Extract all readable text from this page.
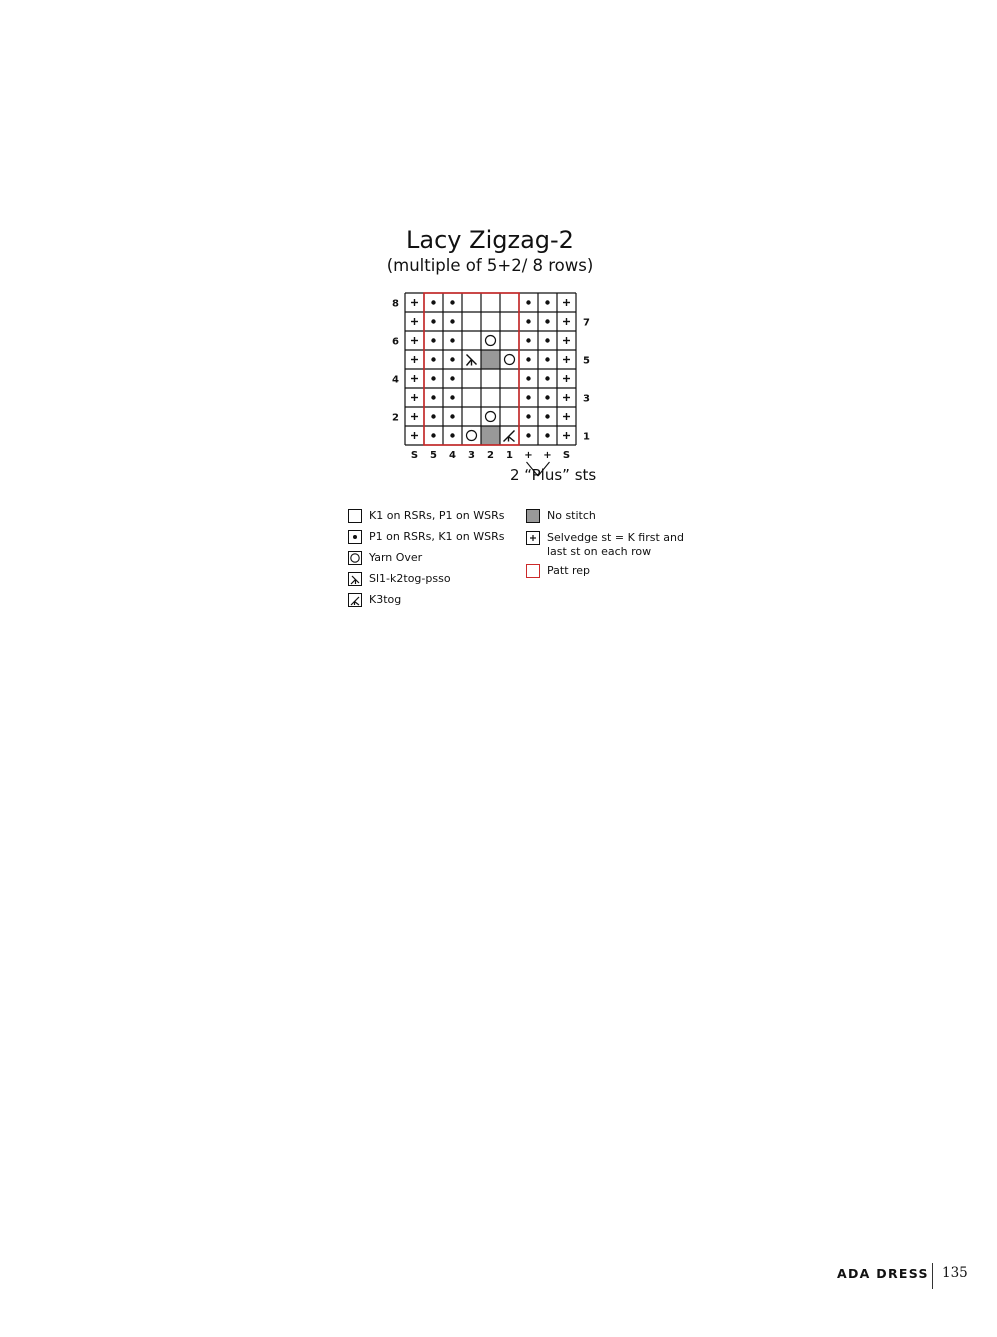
Lacy Zigzag-2
(multiple of 5+2/ 8 rows)
8
6
4
2
7
5
3
1
S 5 4 3 2 1 + + S
2 “Plus” sts
K1 on RSRs, P1 on WSRs
P1 on RSRs, K1 on WSRs
Yarn Over
Sl1-k2tog-psso
K3tog
No stitch
Selvedge st = K first and
last st on each row
Patt rep
ADA DRESS 135
